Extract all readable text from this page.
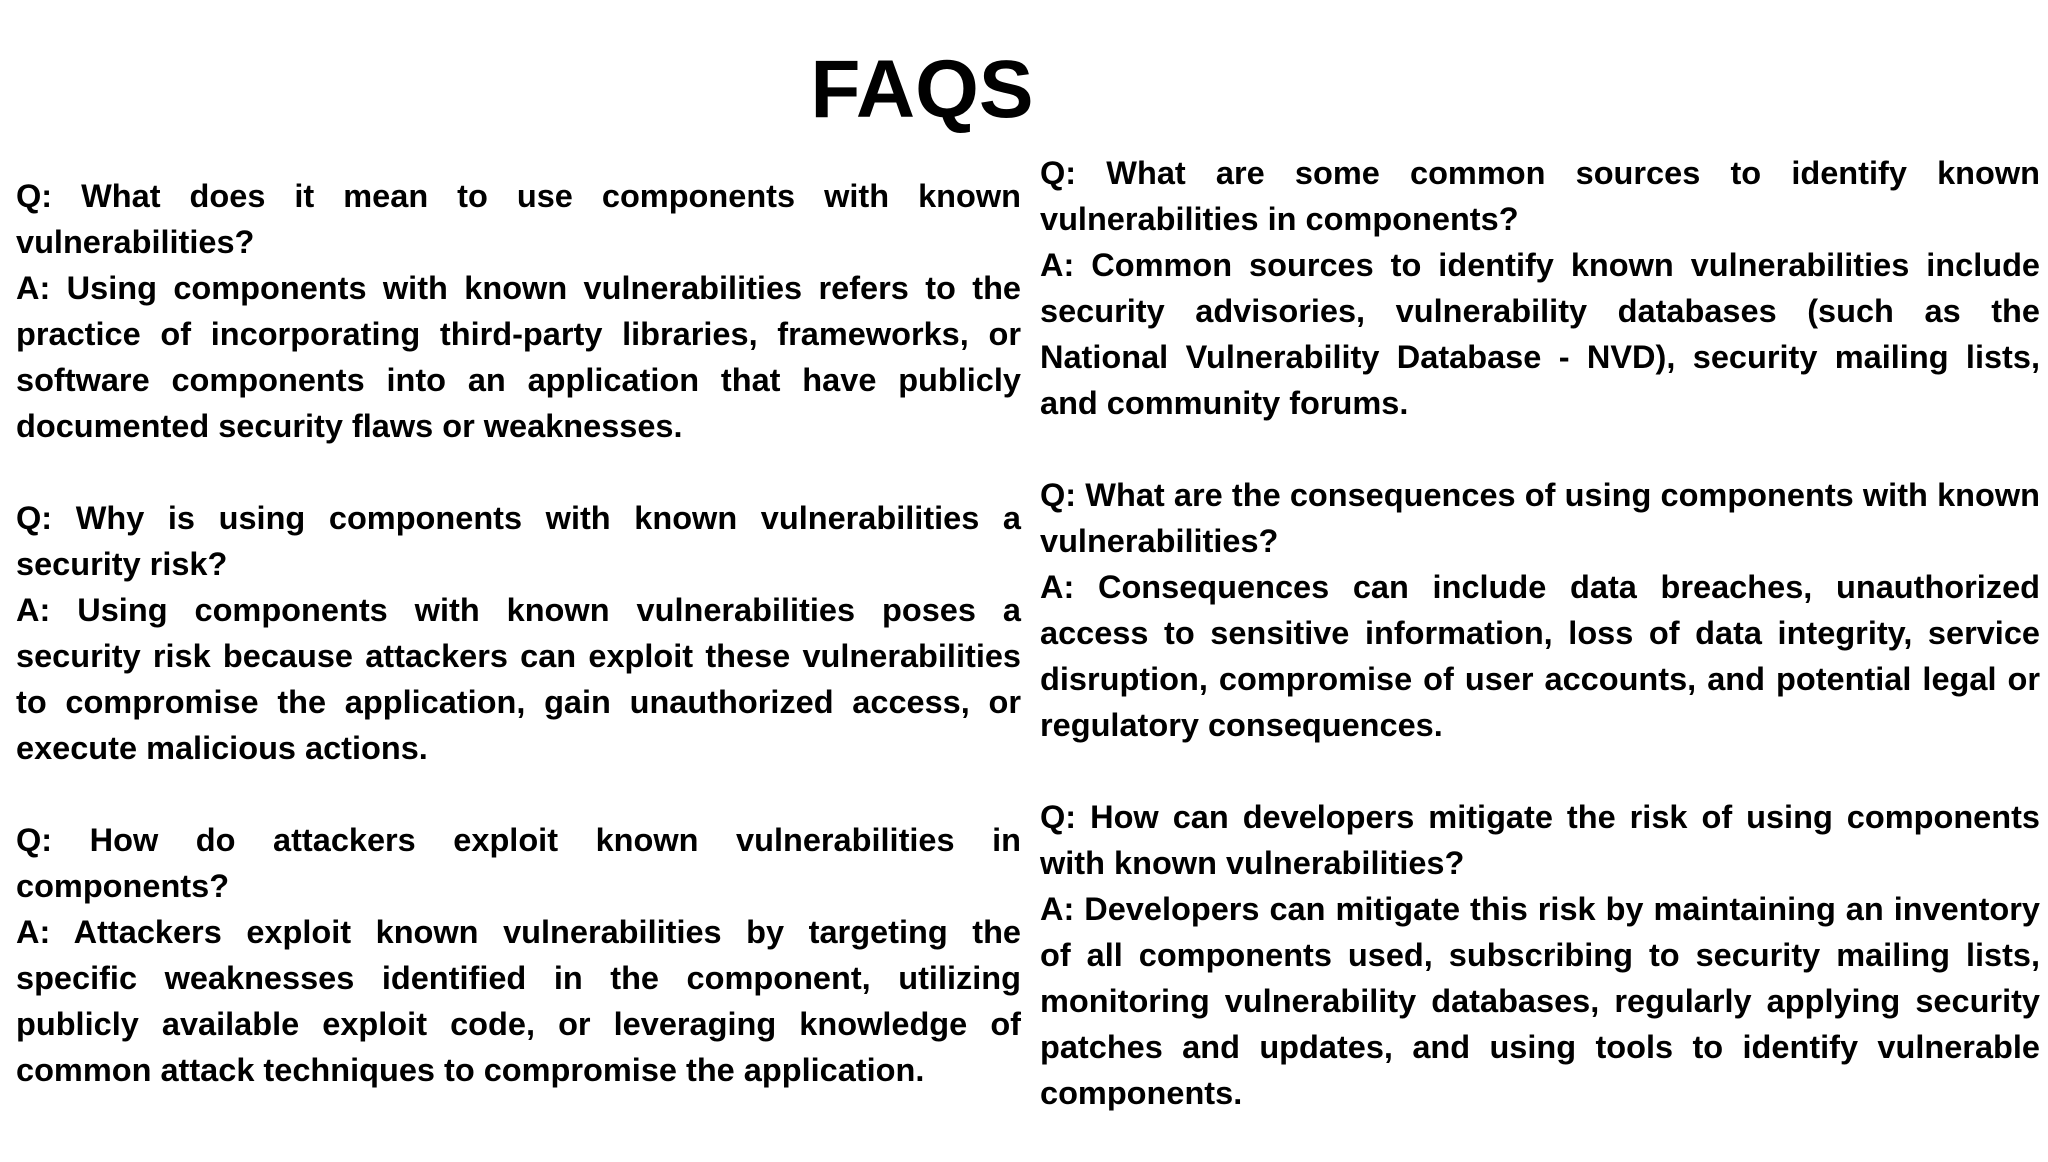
FAQS

Q: What does it mean to use components with known vulnerabilities?

A: Using components with known vulnerabilities refers to the practice of incorporating third-party libraries, frameworks, or software components into an application that have publicly documented security flaws or weaknesses.

Q: Why is using components with known vulnerabilities a security risk?

A: Using components with known vulnerabilities poses a security risk because attackers can exploit these vulnerabilities to compromise the application, gain unauthorized access, or execute malicious actions.

Q: How do attackers exploit known vulnerabilities in components?

A: Attackers exploit known vulnerabilities by targeting the specific weaknesses identified in the component, utilizing publicly available exploit code, or leveraging knowledge of common attack techniques to compromise the application.

Q: What are some common sources to identify known vulnerabilities in components?

A: Common sources to identify known vulnerabilities include security advisories, vulnerability databases (such as the National Vulnerability Database - NVD), security mailing lists, and community forums.

Q: What are the consequences of using components with known vulnerabilities?

A: Consequences can include data breaches, unauthorized access to sensitive information, loss of data integrity, service disruption, compromise of user accounts, and potential legal or regulatory consequences.

Q: How can developers mitigate the risk of using components with known vulnerabilities?

A: Developers can mitigate this risk by maintaining an inventory of all components used, subscribing to security mailing lists, monitoring vulnerability databases, regularly applying security patches and updates, and using tools to identify vulnerable components.
